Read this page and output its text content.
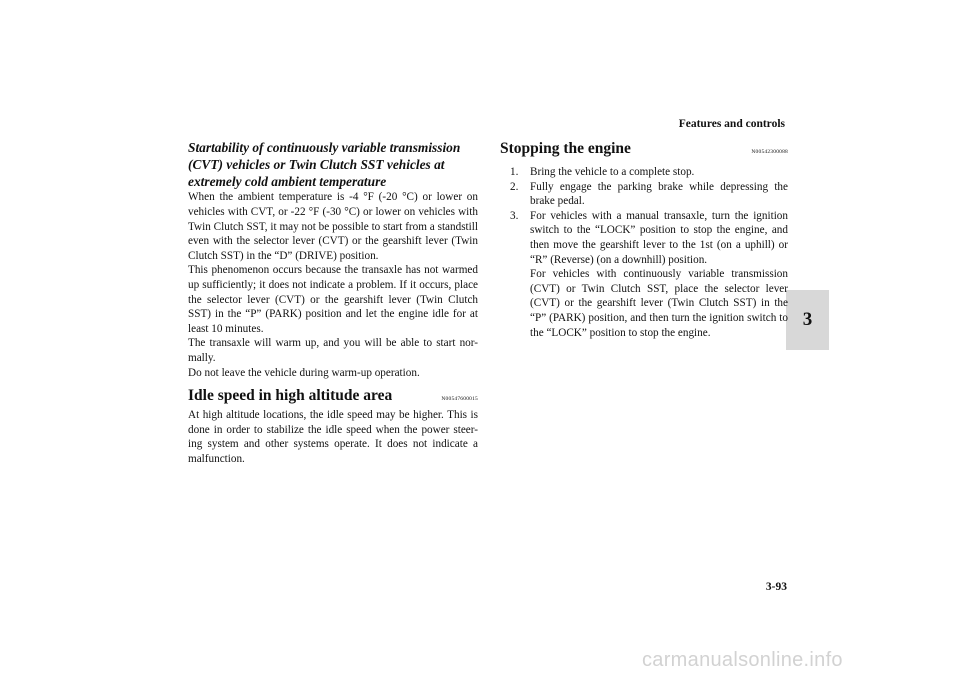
Features and controls
3
Startability of continuously variable transmission (CVT) vehicles or Twin Clutch SST vehicles at extremely cold ambient temperature

When the ambient temperature is -4 °F (-20 °C) or lower on vehicles with CVT, or -22 °F (-30 °C) or lower on vehicles with Twin Clutch SST, it may not be possible to start from a standstill even with the selector lever (CVT) or the gearshift lever (Twin Clutch SST) in the “D” (DRIVE) position.

This phenomenon occurs because the transaxle has not warmed up sufficiently; it does not indicate a problem. If it occurs, place the selector lever (CVT) or the gearshift lever (Twin Clutch SST) in the “P” (PARK) position and let the engine idle for at least 10 minutes.

The transaxle will warm up, and you will be able to start nor-mally.

Do not leave the vehicle during warm-up operation.

Idle speed in high altitude area	N00547600015

At high altitude locations, the idle speed may be higher. This is done in order to stabilize the idle speed when the power steer-ing system and other systems operate. It does not indicate a malfunction.

Stopping the engine	N00542300088
1. Bring the vehicle to a complete stop.
2. Fully engage the parking brake while depressing the brake pedal.
3. For vehicles with a manual transaxle, turn the ignition switch to the “LOCK” position to stop the engine, and then move the gearshift lever to the 1st (on a uphill) or “R” (Reverse) (on a downhill) position.

For vehicles with continuously variable transmission (CVT) or Twin Clutch SST, place the selector lever (CVT) or the gearshift lever (Twin Clutch SST) in the “P” (PARK) position, and then turn the ignition switch to the “LOCK” position to stop the engine.

3-93
carmanualsonline.info
